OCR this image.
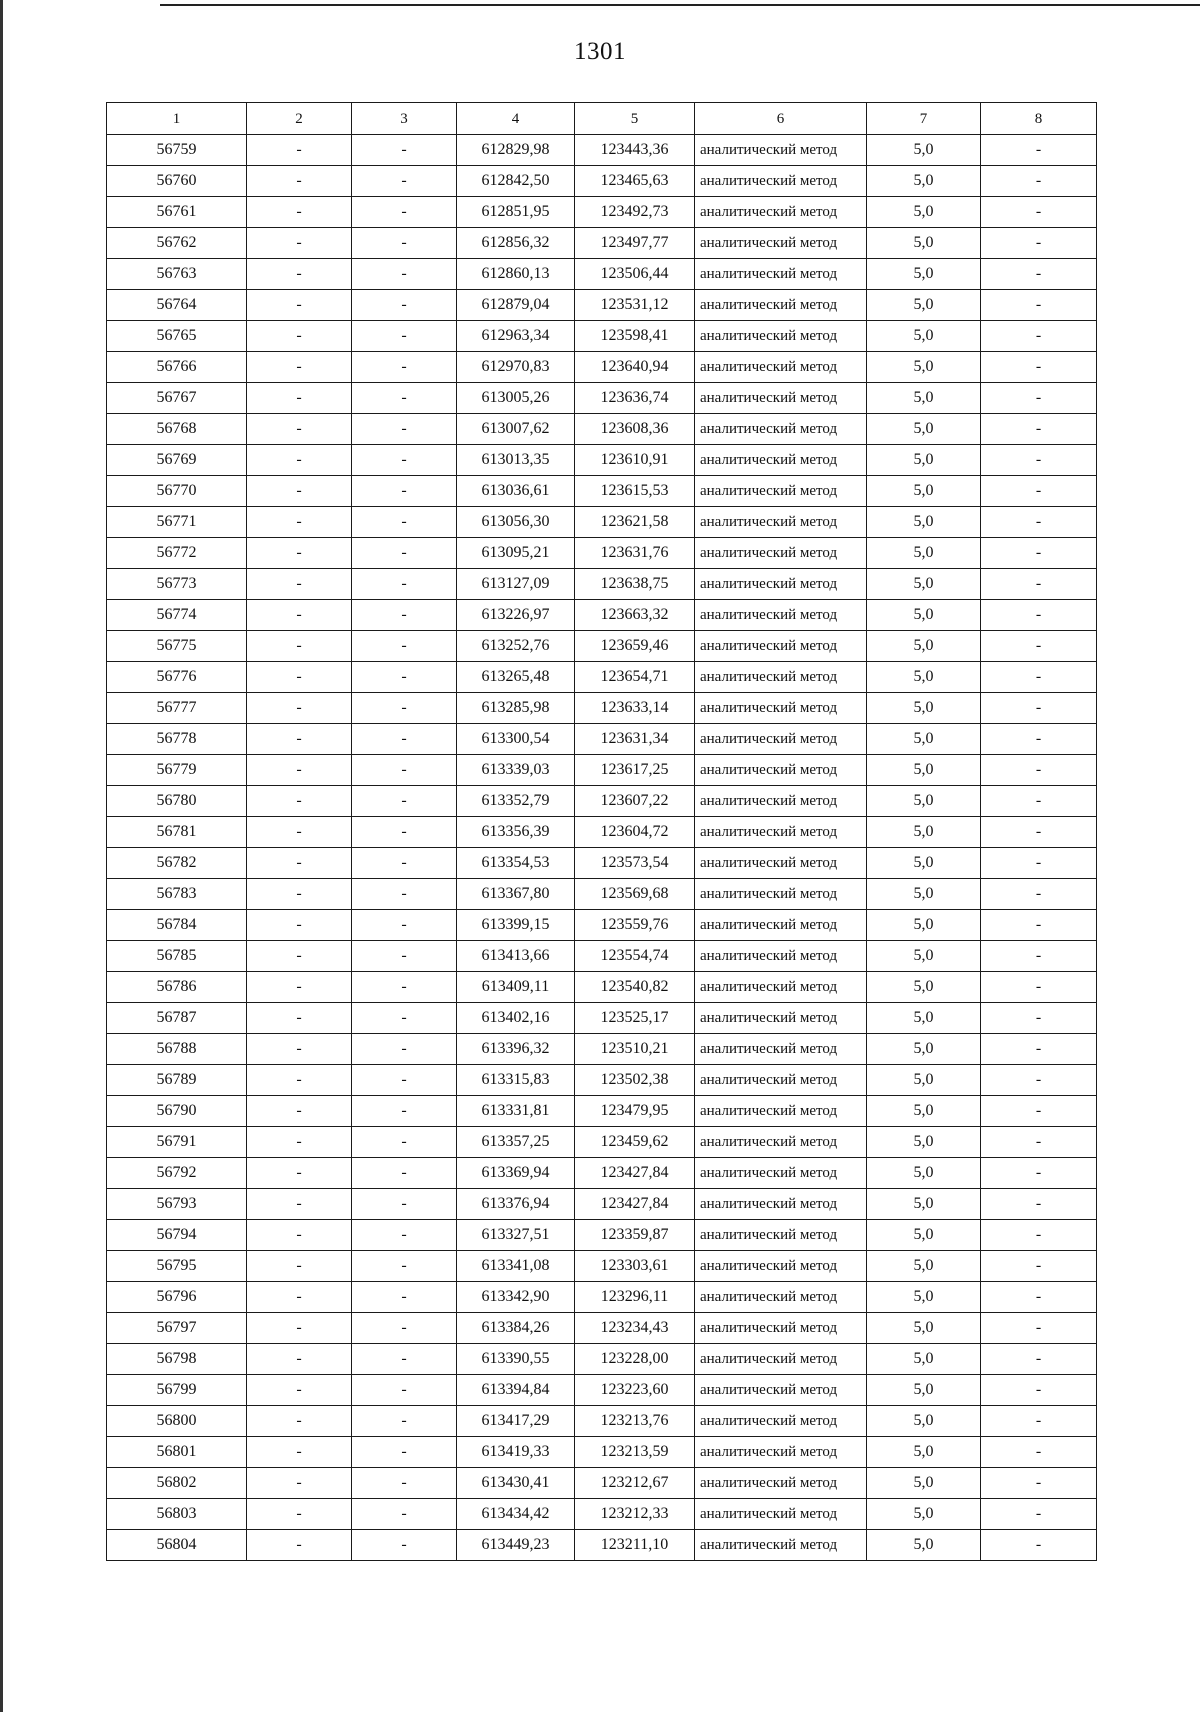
1301
1	2	3	4	5	6	7	8
56759	-	-	612829,98	123443,36	аналитический метод	5,0	-
56760	-	-	612842,50	123465,63	аналитический метод	5,0	-
56761	-	-	612851,95	123492,73	аналитический метод	5,0	-
56762	-	-	612856,32	123497,77	аналитический метод	5,0	-
56763	-	-	612860,13	123506,44	аналитический метод	5,0	-
56764	-	-	612879,04	123531,12	аналитический метод	5,0	-
56765	-	-	612963,34	123598,41	аналитический метод	5,0	-
56766	-	-	612970,83	123640,94	аналитический метод	5,0	-
56767	-	-	613005,26	123636,74	аналитический метод	5,0	-
56768	-	-	613007,62	123608,36	аналитический метод	5,0	-
56769	-	-	613013,35	123610,91	аналитический метод	5,0	-
56770	-	-	613036,61	123615,53	аналитический метод	5,0	-
56771	-	-	613056,30	123621,58	аналитический метод	5,0	-
56772	-	-	613095,21	123631,76	аналитический метод	5,0	-
56773	-	-	613127,09	123638,75	аналитический метод	5,0	-
56774	-	-	613226,97	123663,32	аналитический метод	5,0	-
56775	-	-	613252,76	123659,46	аналитический метод	5,0	-
56776	-	-	613265,48	123654,71	аналитический метод	5,0	-
56777	-	-	613285,98	123633,14	аналитический метод	5,0	-
56778	-	-	613300,54	123631,34	аналитический метод	5,0	-
56779	-	-	613339,03	123617,25	аналитический метод	5,0	-
56780	-	-	613352,79	123607,22	аналитический метод	5,0	-
56781	-	-	613356,39	123604,72	аналитический метод	5,0	-
56782	-	-	613354,53	123573,54	аналитический метод	5,0	-
56783	-	-	613367,80	123569,68	аналитический метод	5,0	-
56784	-	-	613399,15	123559,76	аналитический метод	5,0	-
56785	-	-	613413,66	123554,74	аналитический метод	5,0	-
56786	-	-	613409,11	123540,82	аналитический метод	5,0	-
56787	-	-	613402,16	123525,17	аналитический метод	5,0	-
56788	-	-	613396,32	123510,21	аналитический метод	5,0	-
56789	-	-	613315,83	123502,38	аналитический метод	5,0	-
56790	-	-	613331,81	123479,95	аналитический метод	5,0	-
56791	-	-	613357,25	123459,62	аналитический метод	5,0	-
56792	-	-	613369,94	123427,84	аналитический метод	5,0	-
56793	-	-	613376,94	123427,84	аналитический метод	5,0	-
56794	-	-	613327,51	123359,87	аналитический метод	5,0	-
56795	-	-	613341,08	123303,61	аналитический метод	5,0	-
56796	-	-	613342,90	123296,11	аналитический метод	5,0	-
56797	-	-	613384,26	123234,43	аналитический метод	5,0	-
56798	-	-	613390,55	123228,00	аналитический метод	5,0	-
56799	-	-	613394,84	123223,60	аналитический метод	5,0	-
56800	-	-	613417,29	123213,76	аналитический метод	5,0	-
56801	-	-	613419,33	123213,59	аналитический метод	5,0	-
56802	-	-	613430,41	123212,67	аналитический метод	5,0	-
56803	-	-	613434,42	123212,33	аналитический метод	5,0	-
56804	-	-	613449,23	123211,10	аналитический метод	5,0	-
